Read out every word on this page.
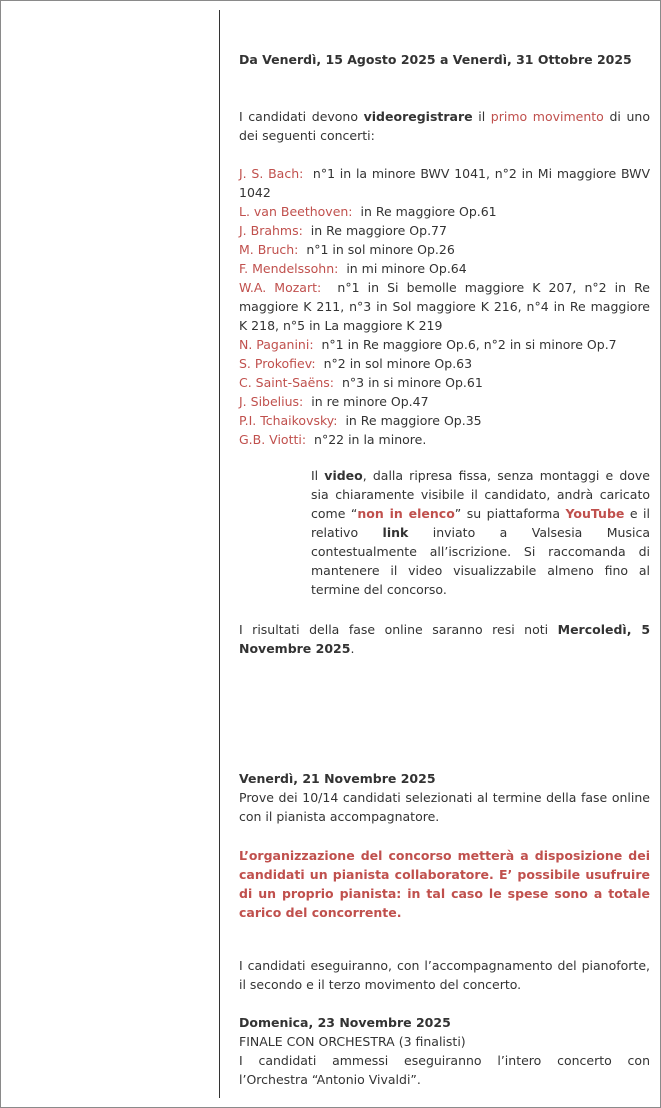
Da Venerdì, 15 Agosto 2025 a Venerdì, 31 Ottobre 2025

I candidati devono videoregistrare il primo movimento di uno dei seguenti concerti:

J. S. Bach: n°1 in la minore BWV 1041, n°2 in Mi maggiore BWV 1042
L. van Beethoven: in Re maggiore Op.61
J. Brahms: in Re maggiore Op.77
M. Bruch: n°1 in sol minore Op.26
F. Mendelssohn: in mi minore Op.64
W.A. Mozart: n°1 in Si bemolle maggiore K 207, n°2 in Re maggiore K 211, n°3 in Sol maggiore K 216, n°4 in Re maggiore K 218, n°5 in La maggiore K 219
N. Paganini: n°1 in Re maggiore Op.6, n°2 in si minore Op.7
S. Prokofiev: n°2 in sol minore Op.63
C. Saint-Saëns: n°3 in si minore Op.61
J. Sibelius: in re minore Op.47
P.I. Tchaikovsky: in Re maggiore Op.35
G.B. Viotti: n°22 in la minore.

Il video, dalla ripresa fissa, senza montaggi e dove sia chiaramente visibile il candidato, andrà caricato come “non in elenco” su piattaforma YouTube e il relativo link inviato a Valsesia Musica contestualmente all’iscrizione. Si raccomanda di mantenere il video visualizzabile almeno fino al termine del concorso.

I risultati della fase online saranno resi noti Mercoledì, 5 Novembre 2025.

Venerdì, 21 Novembre 2025

Prove dei 10/14 candidati selezionati al termine della fase online con il pianista accompagnatore.

L’organizzazione del concorso metterà a disposizione dei candidati un pianista collaboratore. E’ possibile usufruire di un proprio pianista: in tal caso le spese sono a totale carico del concorrente.

I candidati eseguiranno, con l’accompagnamento del pianoforte, il secondo e il terzo movimento del concerto.

Domenica, 23 Novembre 2025
FINALE CON ORCHESTRA (3 finalisti)

I candidati ammessi eseguiranno l’intero concerto con l’Orchestra “Antonio Vivaldi”.
